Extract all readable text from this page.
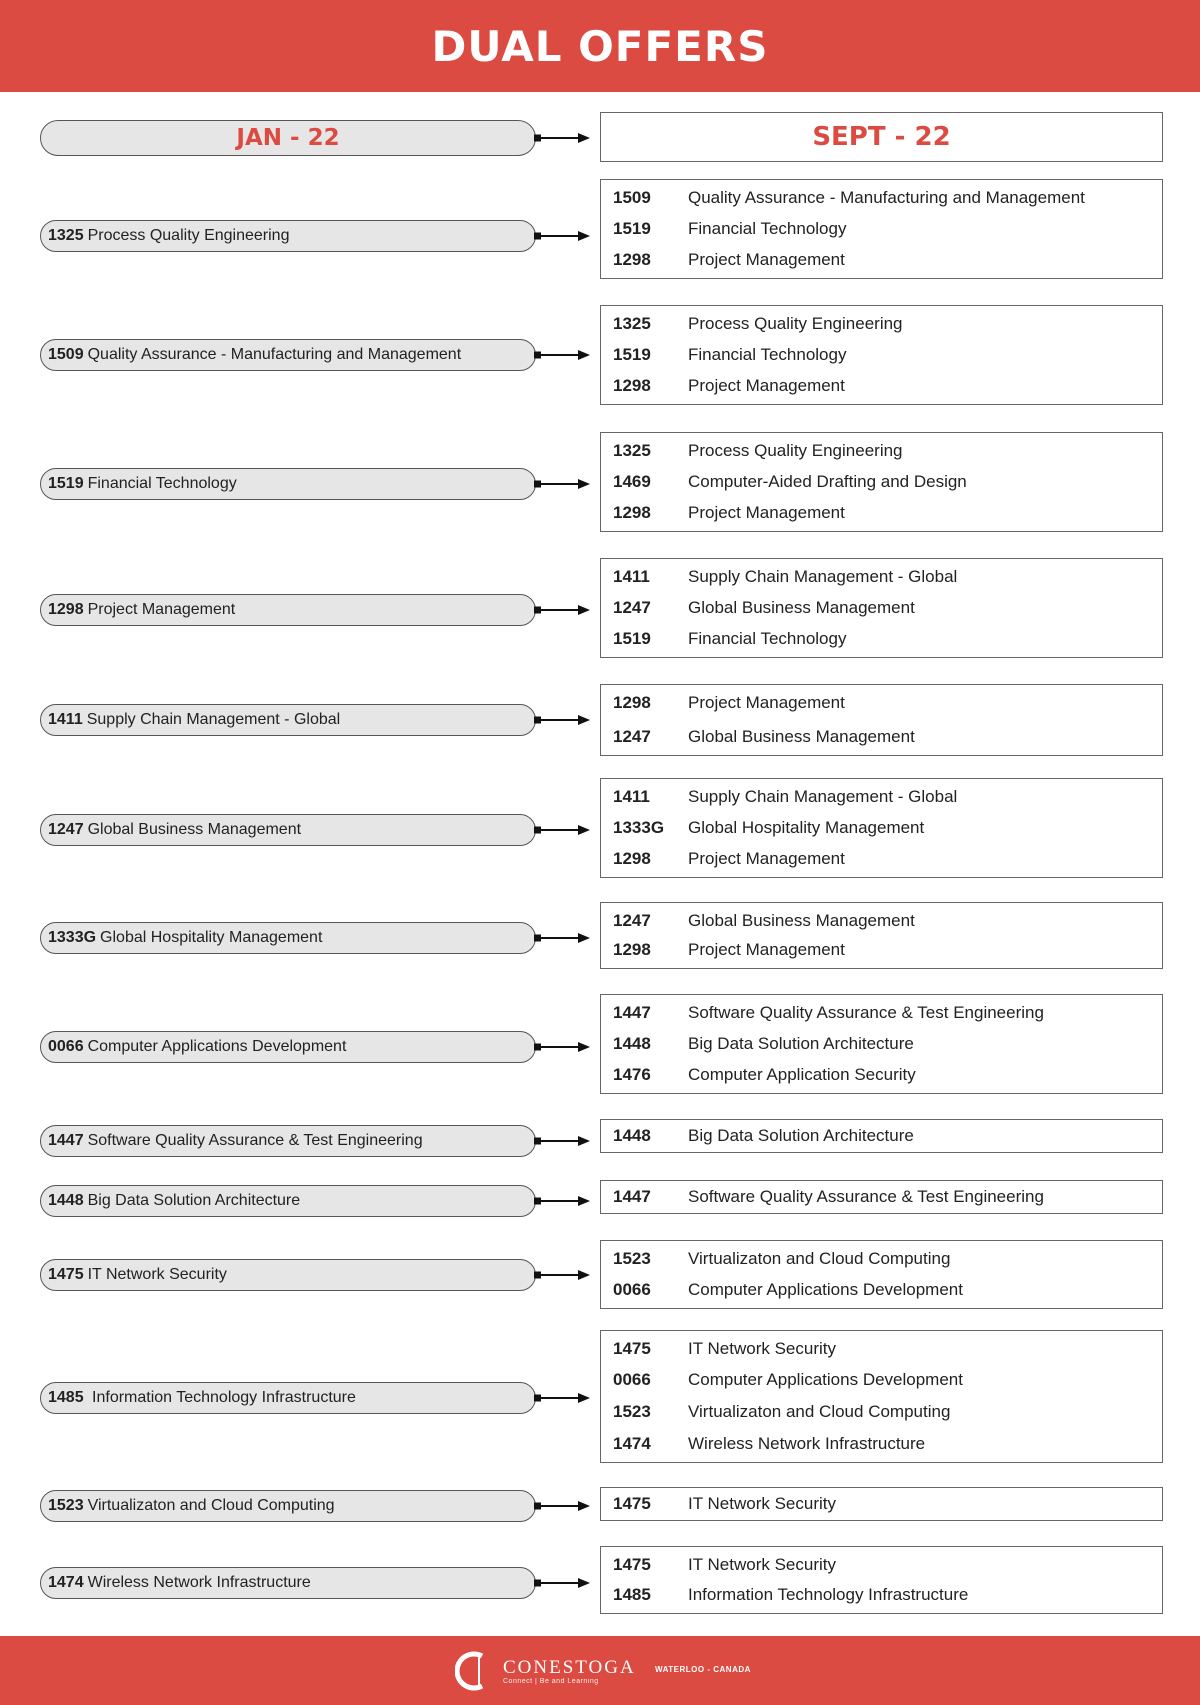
DUAL OFFERS
JAN - 22	SEPT - 22
1325 Process Quality Engineering
1509	Quality Assurance - Manufacturing and Management
1519	Financial Technology
1298	Project Management
1509 Quality Assurance - Manufacturing and Management
1325	Process Quality Engineering
1519	Financial Technology
1298	Project Management
1519 Financial Technology
1325	Process Quality Engineering
1469	Computer-Aided Drafting and Design
1298	Project Management
1298 Project Management
1411	Supply Chain Management - Global
1247	Global Business Management
1519	Financial Technology
1411 Supply Chain Management - Global
1298	Project Management
1247	Global Business Management
1247 Global Business Management
1411	Supply Chain Management - Global
1333G	Global Hospitality Management
1298	Project Management
1333G Global Hospitality Management
1247	Global Business Management
1298	Project Management
0066 Computer Applications Development
1447	Software Quality Assurance & Test Engineering
1448	Big Data Solution Architecture
1476	Computer Application Security
1447 Software Quality Assurance & Test Engineering	1448	Big Data Solution Architecture
1448 Big Data Solution Architecture	1447	Software Quality Assurance & Test Engineering
1475 IT Network Security
1523	Virtualizaton and Cloud Computing
0066	Computer Applications Development
1485 Information Technology Infrastructure
1475	IT Network Security
0066	Computer Applications Development
1523	Virtualizaton and Cloud Computing
1474	Wireless Network Infrastructure
1523 Virtualizaton and Cloud Computing	1475	IT Network Security
1474 Wireless Network Infrastructure
1475	IT Network Security
1485	Information Technology Infrastructure
CONESTOGA
Connect | Be and Learning
WATERLOO - CANADA
